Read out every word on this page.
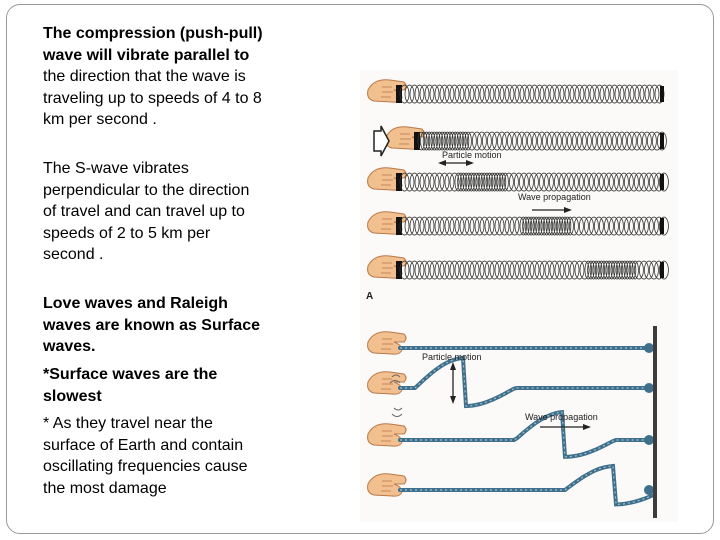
The compression (push-pull) wave will vibrate parallel to the direction that the wave is traveling up to speeds of 4 to 8 km per second .
The S-wave vibrates perpendicular to the direction of travel and can travel up to speeds of 2 to 5 km per second .
Love waves and Raleigh waves are known as Surface waves.
*Surface waves are the slowest
* As they travel near the surface of Earth and contain oscillating frequencies cause the most damage
Particle motion
Wave propagation
A
Particle motion
Wave propagation
